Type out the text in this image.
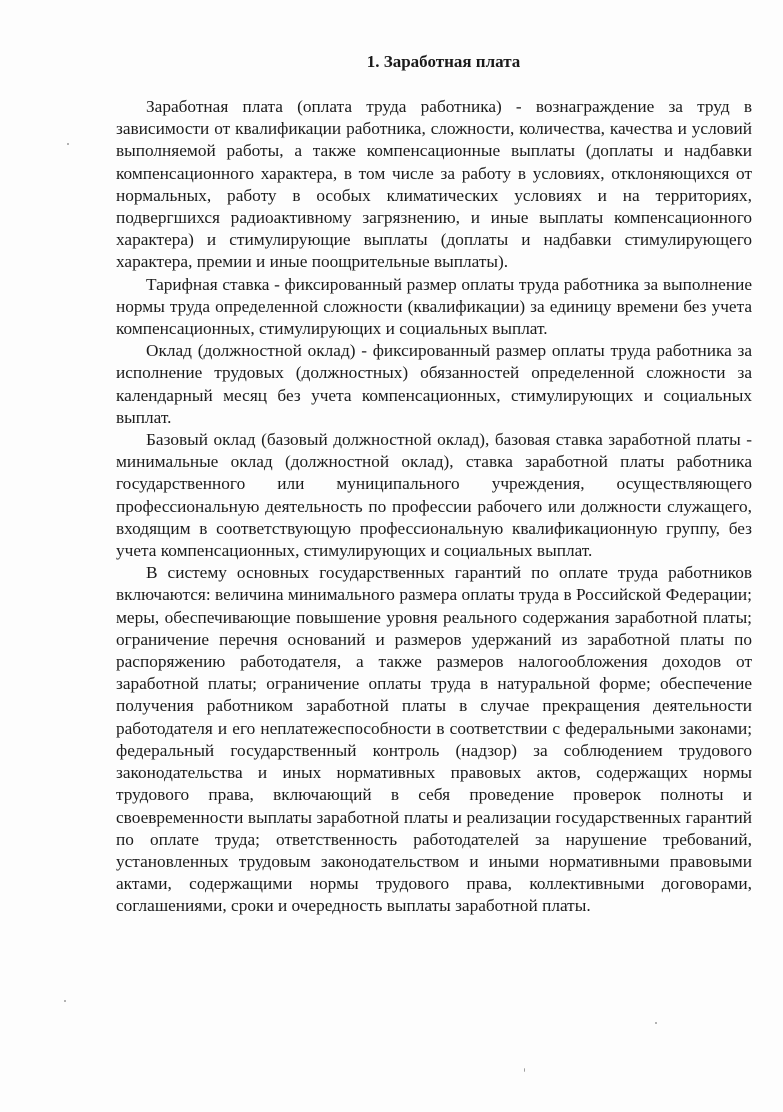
1. Заработная плата

Заработная плата (оплата труда работника) - вознаграждение за труд в зависимости от квалификации работника, сложности, количества, качества и условий выполняемой работы, а также компенсационные выплаты (доплаты и надбавки компенсационного характера, в том числе за работу в условиях, отклоняющихся от нормальных, работу в особых климатических условиях и на территориях, подвергшихся радиоактивному загрязнению, и иные выплаты компенсационного характера) и стимулирующие выплаты (доплаты и надбавки стимулирующего характера, премии и иные поощрительные выплаты).

Тарифная ставка - фиксированный размер оплаты труда работника за выполнение нормы труда определенной сложности (квалификации) за единицу времени без учета компенсационных, стимулирующих и социальных выплат.

Оклад (должностной оклад) - фиксированный размер оплаты труда работника за исполнение трудовых (должностных) обязанностей определенной сложности за календарный месяц без учета компенсационных, стимулирующих и социальных выплат.

Базовый оклад (базовый должностной оклад), базовая ставка заработной платы - минимальные оклад (должностной оклад), ставка заработной платы работника государственного или муниципального учреждения, осуществляющего профессиональную деятельность по профессии рабочего или должности служащего, входящим в соответствующую профессиональную квалификационную группу, без учета компенсационных, стимулирующих и социальных выплат.

В систему основных государственных гарантий по оплате труда работников включаются: величина минимального размера оплаты труда в Российской Федерации; меры, обеспечивающие повышение уровня реального содержания заработной платы; ограничение перечня оснований и размеров удержаний из заработной платы по распоряжению работодателя, а также размеров налогообложения доходов от заработной платы; ограничение оплаты труда в натуральной форме; обеспечение получения работником заработной платы в случае прекращения деятельности работодателя и его неплатежеспособности в соответствии с федеральными законами; федеральный государственный контроль (надзор) за соблюдением трудового законодательства и иных нормативных правовых актов, содержащих нормы трудового права, включающий в себя проведение проверок полноты и своевременности выплаты заработной платы и реализации государственных гарантий по оплате труда; ответственность работодателей за нарушение требований, установленных трудовым законодательством и иными нормативными правовыми актами, содержащими нормы трудового права, коллективными договорами, соглашениями, сроки и очередность выплаты заработной платы.
